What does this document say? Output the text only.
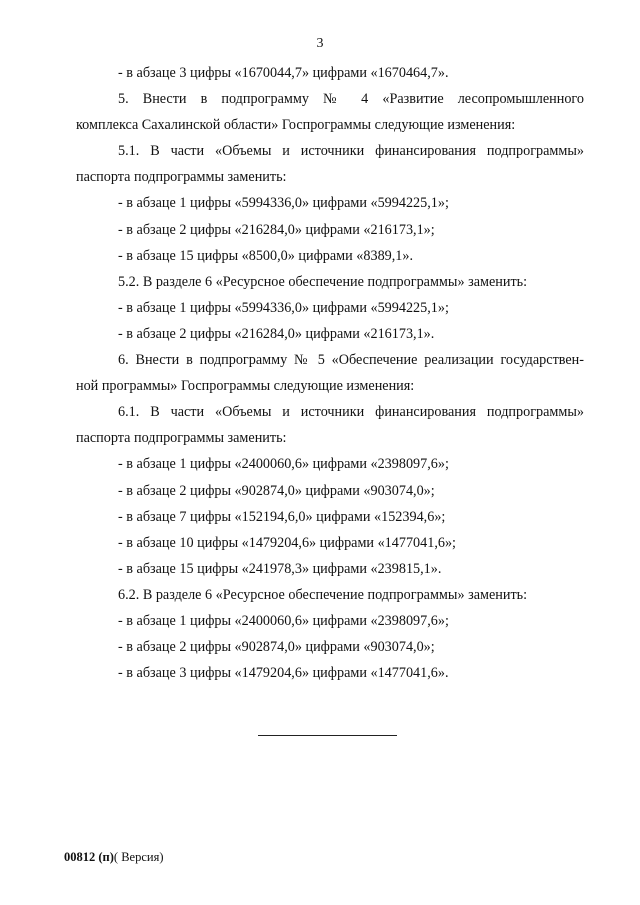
3
- в абзаце 3 цифры «1670044,7» цифрами «1670464,7».
5. Внести в подпрограмму № 4 «Развитие лесопромышленного
комплекса Сахалинской области» Госпрограммы следующие изменения:
5.1. В части «Объемы и источники финансирования подпрограммы»
паспорта подпрограммы заменить:
- в абзаце 1 цифры «5994336,0» цифрами «5994225,1»;
- в абзаце 2 цифры «216284,0» цифрами «216173,1»;
- в абзаце 15 цифры «8500,0» цифрами «8389,1».
5.2. В разделе 6 «Ресурсное обеспечение подпрограммы» заменить:
- в абзаце 1 цифры «5994336,0» цифрами «5994225,1»;
- в абзаце 2 цифры «216284,0» цифрами «216173,1».
6. Внести в подпрограмму № 5 «Обеспечение реализации государствен-
ной программы» Госпрограммы следующие изменения:
6.1. В части «Объемы и источники финансирования подпрограммы»
паспорта подпрограммы заменить:
- в абзаце 1 цифры «2400060,6» цифрами «2398097,6»;
- в абзаце 2 цифры «902874,0» цифрами «903074,0»;
- в абзаце 7 цифры «152194,6,0» цифрами «152394,6»;
- в абзаце 10 цифры «1479204,6» цифрами «1477041,6»;
- в абзаце 15 цифры «241978,3» цифрами «239815,1».
6.2. В разделе 6 «Ресурсное обеспечение подпрограммы» заменить:
- в абзаце 1 цифры «2400060,6» цифрами «2398097,6»;
- в абзаце 2 цифры «902874,0» цифрами «903074,0»;
- в абзаце 3 цифры «1479204,6» цифрами «1477041,6».
00812 (п)( Версия)
